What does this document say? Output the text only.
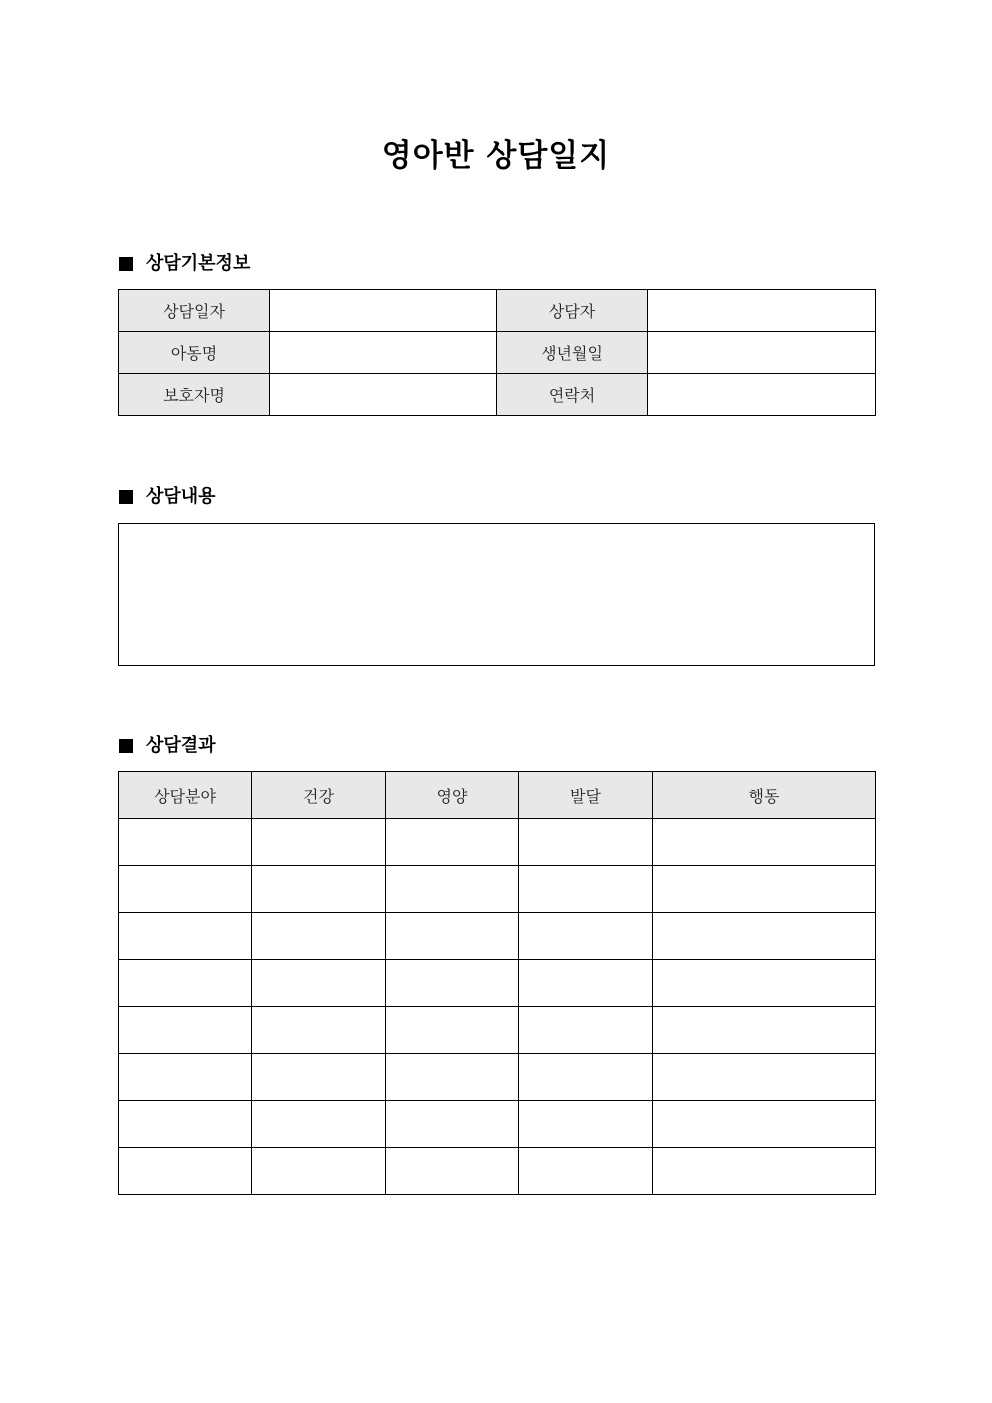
영아반 상담일지
상담기본정보
상담일자		상담자	
아동명		생년월일	
보호자명		연락처	
상담내용
상담결과
상담분야	건강	영양	발달	행동
